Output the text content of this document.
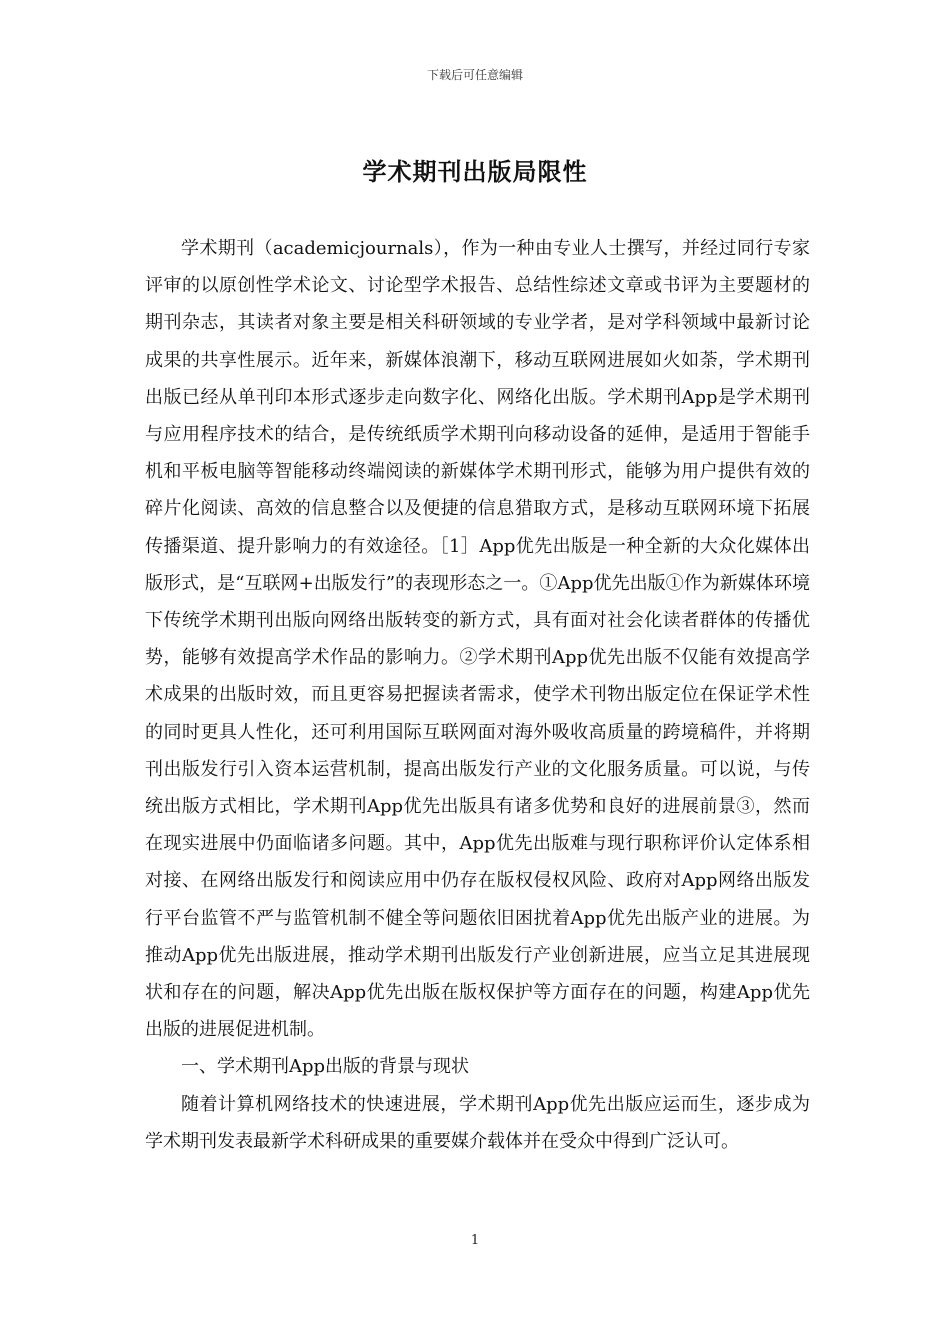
下载后可任意编辑
学术期刊出版局限性

学术期刊（academicjournals），作为一种由专业人士撰写，并经过同行专家评审的以原创性学术论文、讨论型学术报告、总结性综述文章或书评为主要题材的期刊杂志，其读者对象主要是相关科研领域的专业学者，是对学科领域中最新讨论成果的共享性展示。近年来，新媒体浪潮下，移动互联网进展如火如荼，学术期刊出版已经从单刊印本形式逐步走向数字化、网络化出版。学术期刊App是学术期刊与应用程序技术的结合，是传统纸质学术期刊向移动设备的延伸，是适用于智能手机和平板电脑等智能移动终端阅读的新媒体学术期刊形式，能够为用户提供有效的碎片化阅读、高效的信息整合以及便捷的信息猎取方式，是移动互联网环境下拓展传播渠道、提升影响力的有效途径。［1］App优先出版是一种全新的大众化媒体出版形式，是“互联网+出版发行”的表现形态之一。①App优先出版①作为新媒体环境下传统学术期刊出版向网络出版转变的新方式，具有面对社会化读者群体的传播优势，能够有效提高学术作品的影响力。②学术期刊App优先出版不仅能有效提高学术成果的出版时效，而且更容易把握读者需求，使学术刊物出版定位在保证学术性的同时更具人性化，还可利用国际互联网面对海外吸收高质量的跨境稿件，并将期刊出版发行引入资本运营机制，提高出版发行产业的文化服务质量。可以说，与传统出版方式相比，学术期刊App优先出版具有诸多优势和良好的进展前景③，然而在现实进展中仍面临诸多问题。其中，App优先出版难与现行职称评价认定体系相对接、在网络出版发行和阅读应用中仍存在版权侵权风险、政府对App网络出版发行平台监管不严与监管机制不健全等问题依旧困扰着App优先出版产业的进展。为推动App优先出版进展，推动学术期刊出版发行产业创新进展，应当立足其进展现状和存在的问题，解决App优先出版在版权保护等方面存在的问题，构建App优先出版的进展促进机制。

一、学术期刊App出版的背景与现状

随着计算机网络技术的快速进展，学术期刊App优先出版应运而生，逐步成为学术期刊发表最新学术科研成果的重要媒介载体并在受众中得到广泛认可。

1
